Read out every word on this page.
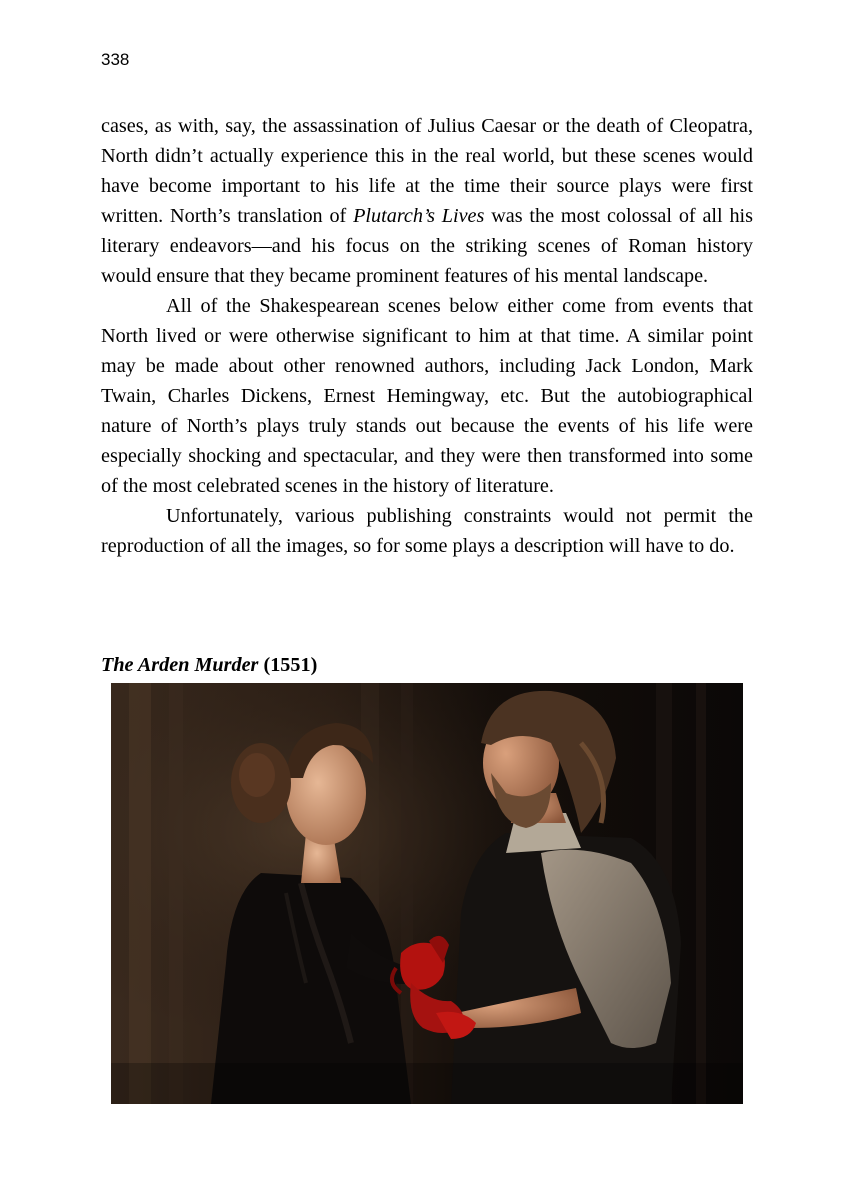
338

cases, as with, say, the assassination of Julius Caesar or the death of Cleopatra, North didn’t actually experience this in the real world, but these scenes would have become important to his life at the time their source plays were first written. North’s translation of Plutarch’s Lives was the most colossal of all his literary endeavors—and his focus on the striking scenes of Roman history would ensure that they became prominent features of his mental landscape.

All of the Shakespearean scenes below either come from events that North lived or were otherwise significant to him at that time. A similar point may be made about other renowned authors, including Jack London, Mark Twain, Charles Dickens, Ernest Hemingway, etc. But the autobiographical nature of North’s plays truly stands out because the events of his life were especially shocking and spectacular, and they were then transformed into some of the most celebrated scenes in the history of literature.

Unfortunately, various publishing constraints would not permit the reproduction of all the images, so for some plays a description will have to do.

The Arden Murder (1551)
